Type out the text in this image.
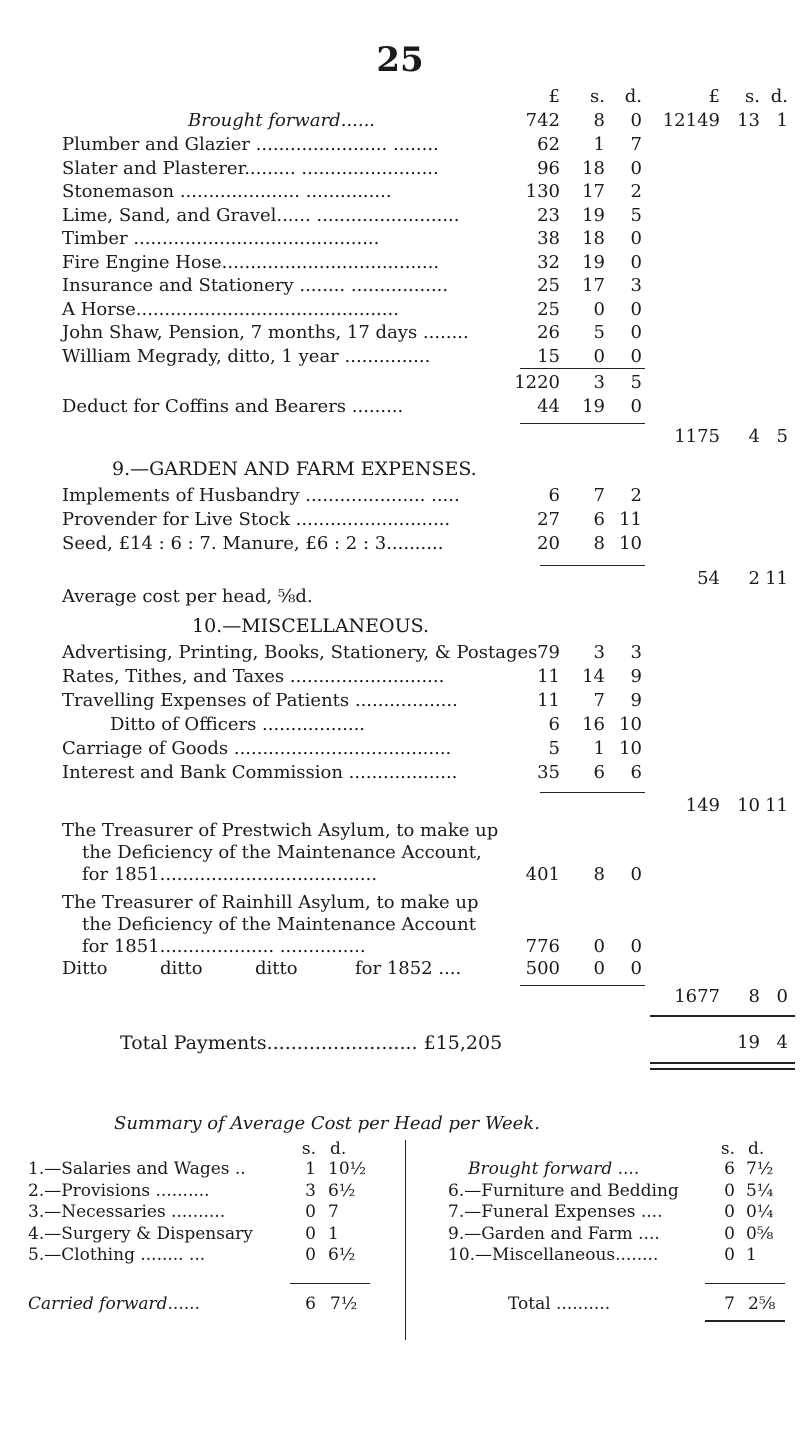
25
£	s.	d.	£	s. d.
Brought forward......	742	8	0	12149 13 1
Plumber and Glazier ....................... ........	62	1	7
Slater and Plasterer......... ........................	96	18	0
Stonemason ..................... ...............	130	17	2
Lime, Sand, and Gravel...... .........................	23	19	5
Timber ...........................................	38	18	0
Fire Engine Hose......................................	32	19	0
Insurance and Stationery ........ .................	25	17	3
A Horse..............................................	25	0	0
John Shaw, Pension, 7 months, 17 days ........	26	5	0
William Megrady, ditto, 1 year ...............	15	0	0
1220	3	5
Deduct for Coffins and Bearers .........	44	19	0
1175	4 5
9.—GARDEN AND FARM EXPENSES.
Implements of Husbandry ..................... .....	6	7	2
Provender for Live Stock ...........................	27	6 11
Seed, £14 : 6 : 7. Manure, £6 : 2 : 3..........	20	8 10
54	2 11
Average cost per head, ⅝d.
10.—MISCELLANEOUS.
Advertising, Printing, Books, Stationery, & Postages 79	3	3
Rates, Tithes, and Taxes ...........................	11	14	9
Travelling Expenses of Patients ..................	11	7	9
Ditto of Officers ..................	6	16 10
Carriage of Goods ......................................	5	1 10
Interest and Bank Commission ...................	35	6	6
149 10 11
The Treasurer of Prestwich Asylum, to make up
the Deficiency of the Maintenance Account,
for 1851......................................	401	8	0
The Treasurer of Rainhill Asylum, to make up
the Deficiency of the Maintenance Account
for 1851.................... ...............	776	0	0
Ditto	ditto	ditto	for 1852 ....	500	0	0
1677	8 0
Total Payments......................... £15,205	19 4
Summary of Average Cost per Head per Week.
s. d.	s. d.
1.—Salaries and Wages ..	1 10½
2.—Provisions ..........	3 6½
3.—Necessaries ..........	0 7
4.—Surgery & Dispensary	0 1
5.—Clothing ........ ...	0 6½
Brought forward ....	6 7½
6.—Furniture and Bedding	0 5¼
7.—Funeral Expenses ....	0 0¼
9.—Garden and Farm ....	0 0⅝
10.—Miscellaneous........	0 1
Carried forward......	6 7½	Total ..........	7 2⅝
